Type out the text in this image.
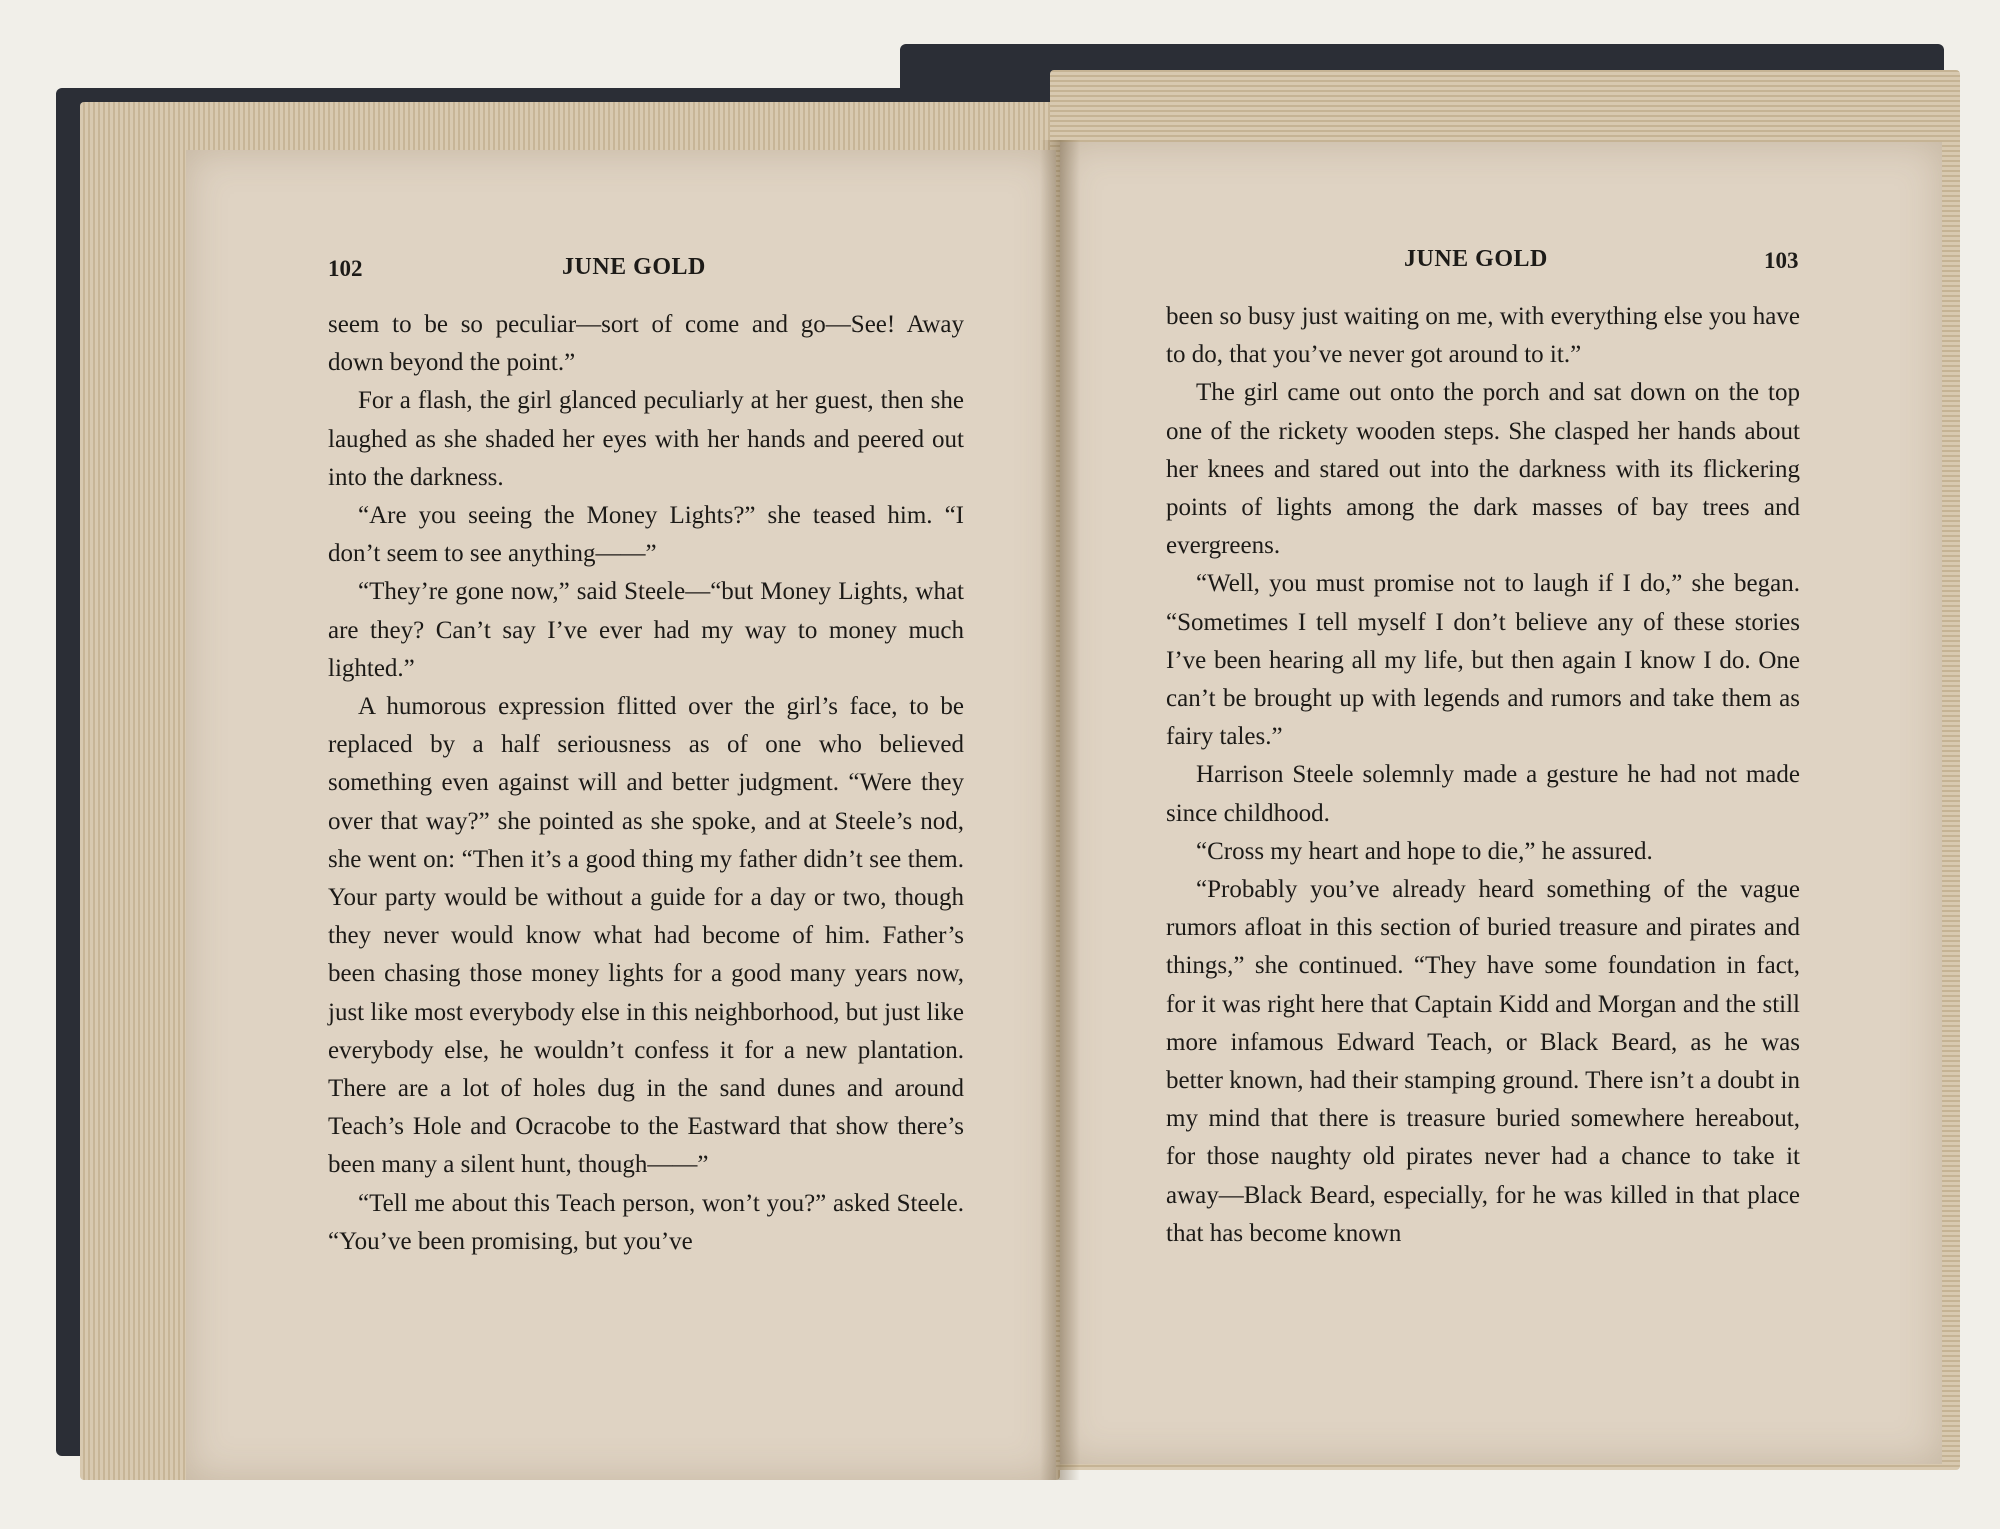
102	JUNE GOLD	JUNE GOLD	103

seem to be so peculiar—sort of come and go—See! Away down beyond the point.”

For a flash, the girl glanced peculiarly at her guest, then she laughed as she shaded her eyes with her hands and peered out into the darkness.

“Are you seeing the Money Lights?” she teased him. “I don’t seem to see anything——”

“They’re gone now,” said Steele—“but Money Lights, what are they? Can’t say I’ve ever had my way to money much lighted.”

A humorous expression flitted over the girl’s face, to be replaced by a half seriousness as of one who believed something even against will and better judgment. “Were they over that way?” she pointed as she spoke, and at Steele’s nod, she went on: “Then it’s a good thing my father didn’t see them. Your party would be without a guide for a day or two, though they never would know what had become of him. Father’s been chasing those money lights for a good many years now, just like most everybody else in this neighborhood, but just like everybody else, he wouldn’t confess it for a new plantation. There are a lot of holes dug in the sand dunes and around Teach’s Hole and Ocracobe to the Eastward that show there’s been many a silent hunt, though——”

“Tell me about this Teach person, won’t you?” asked Steele. “You’ve been promising, but you’ve

been so busy just waiting on me, with everything else you have to do, that you’ve never got around to it.”

The girl came out onto the porch and sat down on the top one of the rickety wooden steps. She clasped her hands about her knees and stared out into the darkness with its flickering points of lights among the dark masses of bay trees and evergreens.

“Well, you must promise not to laugh if I do,” she began. “Sometimes I tell myself I don’t believe any of these stories I’ve been hearing all my life, but then again I know I do. One can’t be brought up with legends and rumors and take them as fairy tales.”

Harrison Steele solemnly made a gesture he had not made since childhood.

“Cross my heart and hope to die,” he assured.

“Probably you’ve already heard something of the vague rumors afloat in this section of buried treasure and pirates and things,” she continued. “They have some foundation in fact, for it was right here that Captain Kidd and Morgan and the still more infamous Edward Teach, or Black Beard, as he was better known, had their stamping ground. There isn’t a doubt in my mind that there is treasure buried somewhere hereabout, for those naughty old pirates never had a chance to take it away—Black Beard, especially, for he was killed in that place that has become known
